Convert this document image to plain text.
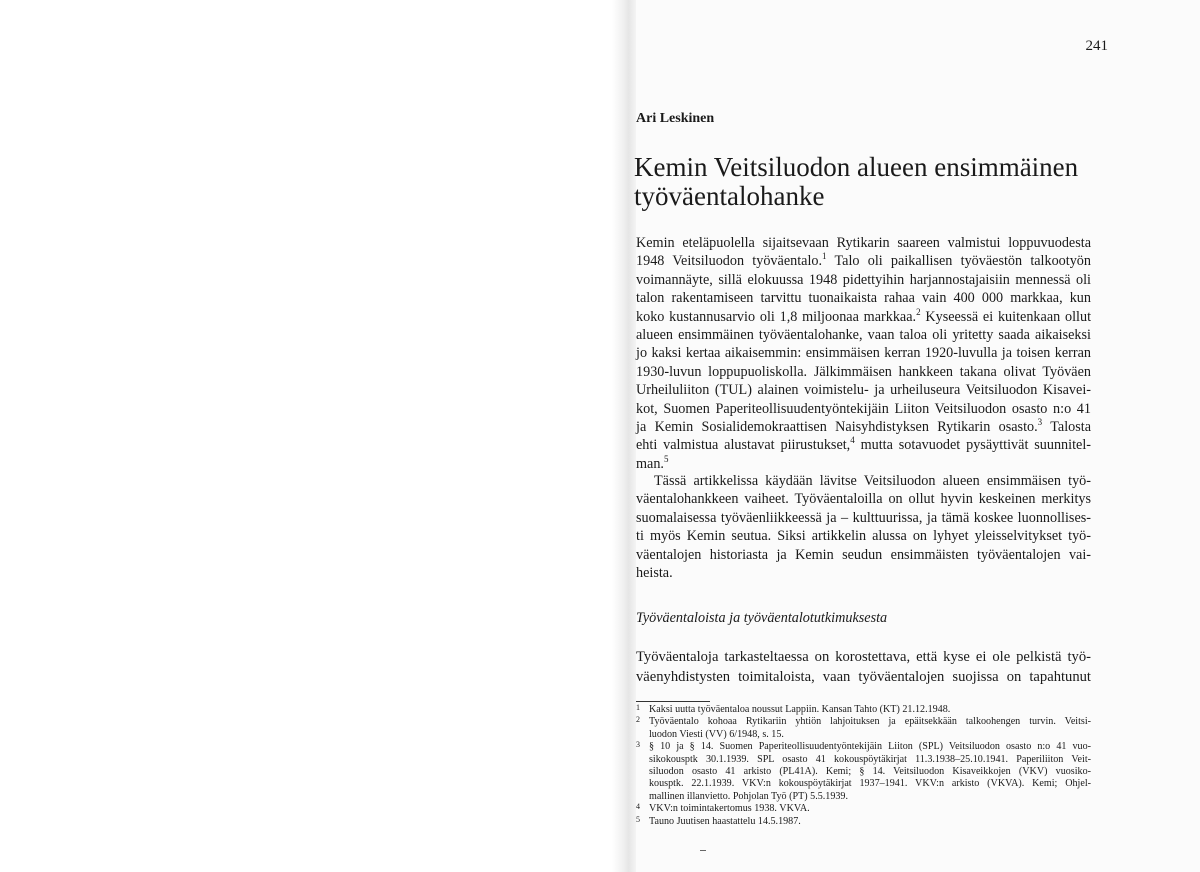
241
Ari Leskinen
Kemin Veitsiluodon alueen ensimmäinen
työväentalohanke
Kemin eteläpuolella sijaitsevaan Rytikarin saareen valmistui loppuvuodesta
1948 Veitsiluodon työväentalo.$^1$ Talo oli paikallisen työväestön talkootyön
voimannäyte, sillä elokuussa 1948 pidettyihin harjannostajaisiin mennessä oli
talon rakentamiseen tarvittu tuonaikaista rahaa vain 400 000 markkaa, kun
koko kustannusarvio oli 1,8 miljoonaa markkaa.$^2$ Kyseessä ei kuitenkaan ollut
alueen ensimmäinen työväentalohanke, vaan taloa oli yritetty saada aikaiseksi
jo kaksi kertaa aikaisemmin: ensimmäisen kerran 1920-luvulla ja toisen kerran
1930-luvun loppupuoliskolla. Jälkimmäisen hankkeen takana olivat Työväen
Urheiluliiton (TUL) alainen voimistelu- ja urheiluseura Veitsiluodon Kisavei-
kot, Suomen Paperiteollisuudentyöntekijäin Liiton Veitsiluodon osasto n:o 41
ja Kemin Sosialidemokraattisen Naisyhdistyksen Rytikarin osasto.$^3$ Talosta
ehti valmistua alustavat piirustukset,$^4$ mutta sotavuodet pysäyttivät suunnitel-
man.$^5$
Tässä artikkelissa käydään lävitse Veitsiluodon alueen ensimmäisen työ-
väentalohankkeen vaiheet. Työväentaloilla on ollut hyvin keskeinen merkitys
suomalaisessa työväenliikkeessä ja – kulttuurissa, ja tämä koskee luonnollises-
ti myös Kemin seutua. Siksi artikkelin alussa on lyhyet yleisselvitykset työ-
väentalojen historiasta ja Kemin seudun ensimmäisten työväentalojen vai-
heista.
Työväentaloista ja työväentalotutkimuksesta
Työväentaloja tarkasteltaessa on korostettava, että kyse ei ole pelkistä työ-
väenyhdistysten toimitaloista, vaan työväentalojen suojissa on tapahtunut
1 Kaksi uutta työväentaloa noussut Lappiin. Kansan Tahto (KT) 21.12.1948.
2 Työväentalo kohoaa Rytikariin yhtiön lahjoituksen ja epäitsekkään talkoohengen turvin. Veitsi-
luodon Viesti (VV) 6/1948, s. 15.
3 § 10 ja § 14. Suomen Paperiteollisuudentyöntekijäin Liiton (SPL) Veitsiluodon osasto n:o 41 vuo-
sikokousptk 30.1.1939. SPL osasto 41 kokouspöytäkirjat 11.3.1938–25.10.1941. Paperiliiton Veit-
siluodon osasto 41 arkisto (PL41A). Kemi; § 14. Veitsiluodon Kisaveikkojen (VKV) vuosiko-
kousptk. 22.1.1939. VKV:n kokouspöytäkirjat 1937–1941. VKV:n arkisto (VKVA). Kemi; Ohjel-
mallinen illanvietto. Pohjolan Työ (PT) 5.5.1939.
4 VKV:n toimintakertomus 1938. VKVA.
5 Tauno Juutisen haastattelu 14.5.1987.
